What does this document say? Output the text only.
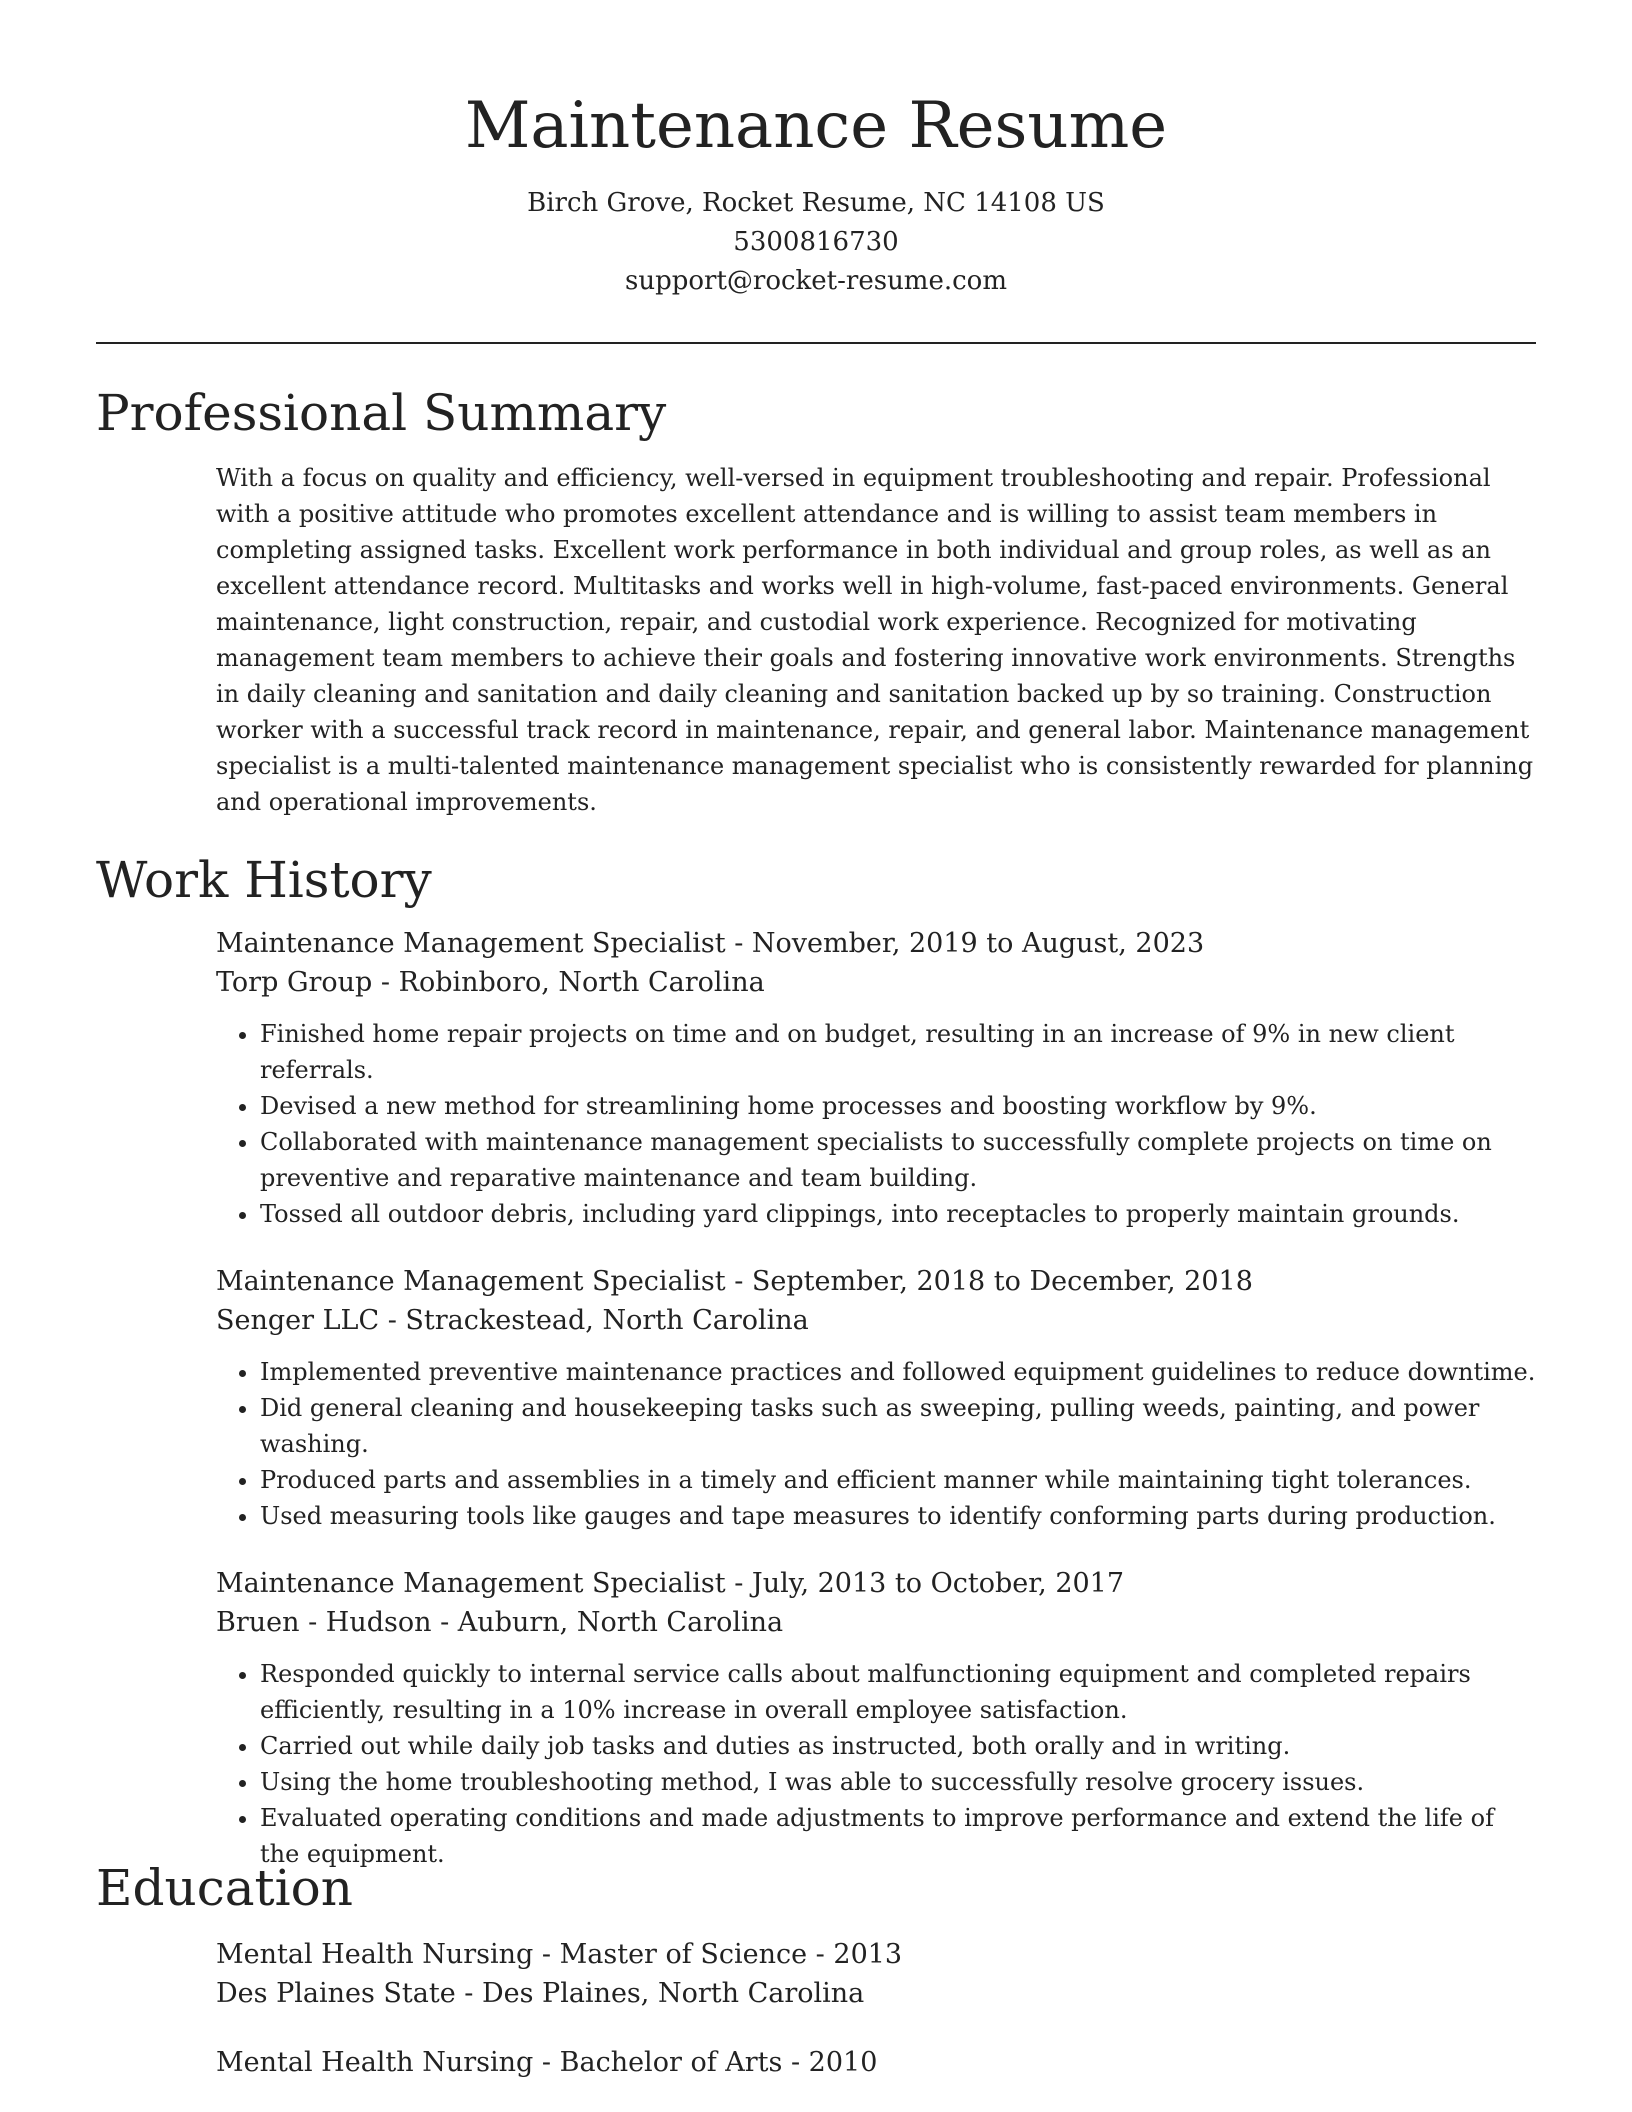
Maintenance Resume

Birch Grove, Rocket Resume, NC 14108 US

5300816730

support@rocket-resume.com

Professional Summary

With a focus on quality and efficiency, well-versed in equipment troubleshooting and repair. Professional with a positive attitude who promotes excellent attendance and is willing to assist team members in completing assigned tasks. Excellent work performance in both individual and group roles, as well as an excellent attendance record. Multitasks and works well in high-volume, fast-paced environments. General maintenance, light construction, repair, and custodial work experience. Recognized for motivating management team members to achieve their goals and fostering innovative work environments. Strengths in daily cleaning and sanitation and daily cleaning and sanitation backed up by so training. Construction worker with a successful track record in maintenance, repair, and general labor. Maintenance management specialist is a multi-talented maintenance management specialist who is consistently rewarded for planning and operational improvements.

Work History

Maintenance Management Specialist - November, 2019 to August, 2023

Torp Group - Robinboro, North Carolina

• Finished home repair projects on time and on budget, resulting in an increase of 9% in new client referrals.
• Devised a new method for streamlining home processes and boosting workflow by 9%.
• Collaborated with maintenance management specialists to successfully complete projects on time on preventive and reparative maintenance and team building.
• Tossed all outdoor debris, including yard clippings, into receptacles to properly maintain grounds.

Maintenance Management Specialist - September, 2018 to December, 2018

Senger LLC - Strackestead, North Carolina

• Implemented preventive maintenance practices and followed equipment guidelines to reduce downtime.
• Did general cleaning and housekeeping tasks such as sweeping, pulling weeds, painting, and power washing.
• Produced parts and assemblies in a timely and efficient manner while maintaining tight tolerances.
• Used measuring tools like gauges and tape measures to identify conforming parts during production.

Maintenance Management Specialist - July, 2013 to October, 2017

Bruen - Hudson - Auburn, North Carolina

• Responded quickly to internal service calls about malfunctioning equipment and completed repairs efficiently, resulting in a 10% increase in overall employee satisfaction.
• Carried out while daily job tasks and duties as instructed, both orally and in writing.
• Using the home troubleshooting method, I was able to successfully resolve grocery issues.
• Evaluated operating conditions and made adjustments to improve performance and extend the life of the equipment.
Education

Mental Health Nursing - Master of Science - 2013

Des Plaines State - Des Plaines, North Carolina

Mental Health Nursing - Bachelor of Arts - 2010
